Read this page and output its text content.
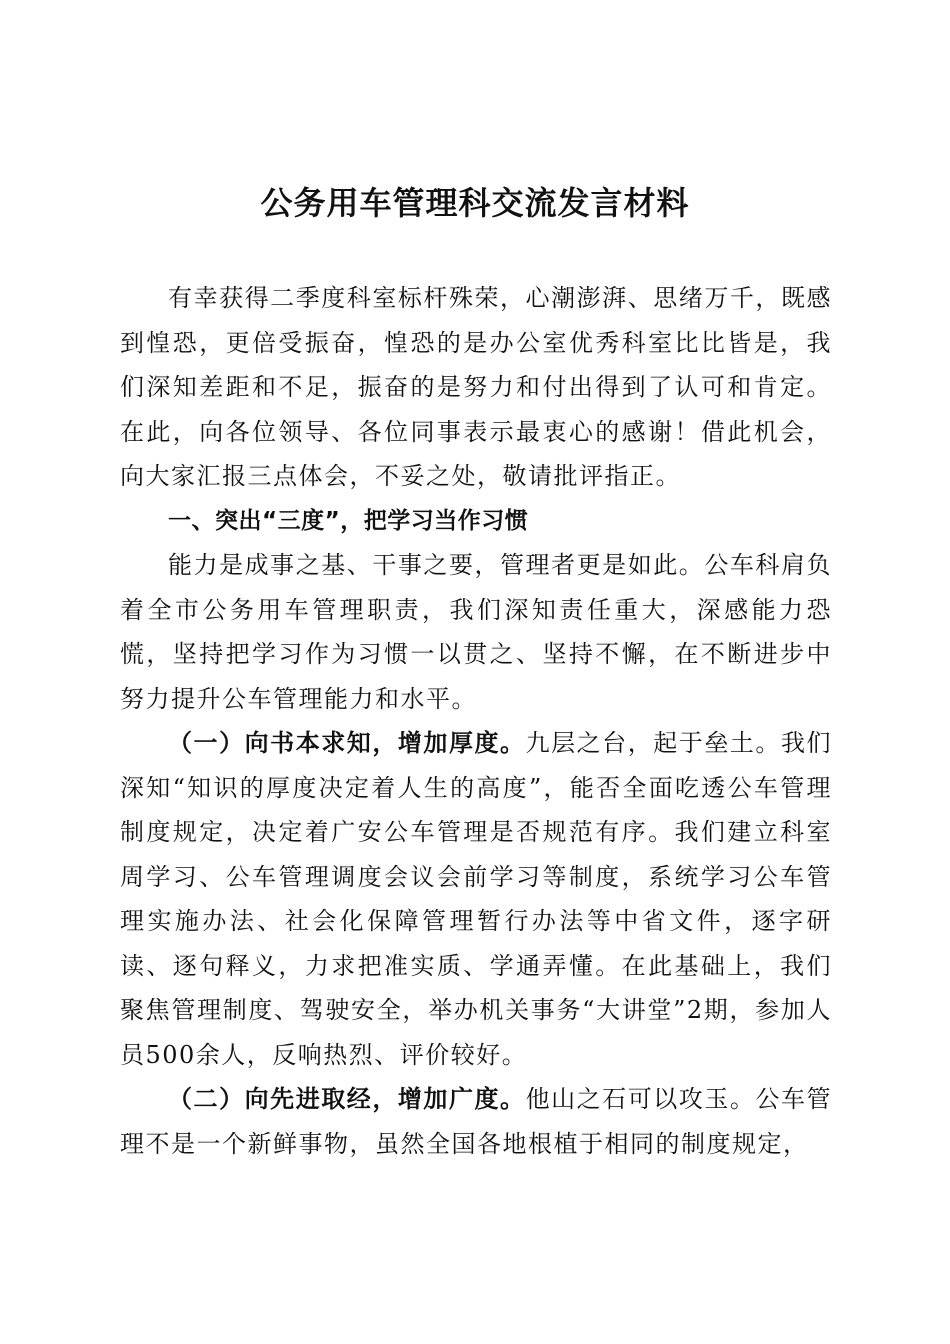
公务用车管理科交流发言材料

有幸获得二季度科室标杆殊荣，心潮澎湃、思绪万千，既感到惶恐，更倍受振奋，惶恐的是办公室优秀科室比比皆是，我们深知差距和不足，振奋的是努力和付出得到了认可和肯定。在此，向各位领导、各位同事表示最衷心的感谢！借此机会，向大家汇报三点体会，不妥之处，敬请批评指正。

一、突出“三度”，把学习当作习惯

能力是成事之基、干事之要，管理者更是如此。公车科肩负着全市公务用车管理职责，我们深知责任重大，深感能力恐慌，坚持把学习作为习惯一以贯之、坚持不懈，在不断进步中努力提升公车管理能力和水平。

（一）向书本求知，增加厚度。九层之台，起于垒土。我们深知“知识的厚度决定着人生的高度”，能否全面吃透公车管理制度规定，决定着广安公车管理是否规范有序。我们建立科室周学习、公车管理调度会议会前学习等制度，系统学习公车管理实施办法、社会化保障管理暂行办法等中省文件，逐字研读、逐句释义，力求把准实质、学通弄懂。在此基础上，我们聚焦管理制度、驾驶安全，举办机关事务“大讲堂”2期，参加人员500余人，反响热烈、评价较好。

（二）向先进取经，增加广度。他山之石可以攻玉。公车管理不是一个新鲜事物，虽然全国各地根植于相同的制度规定，
